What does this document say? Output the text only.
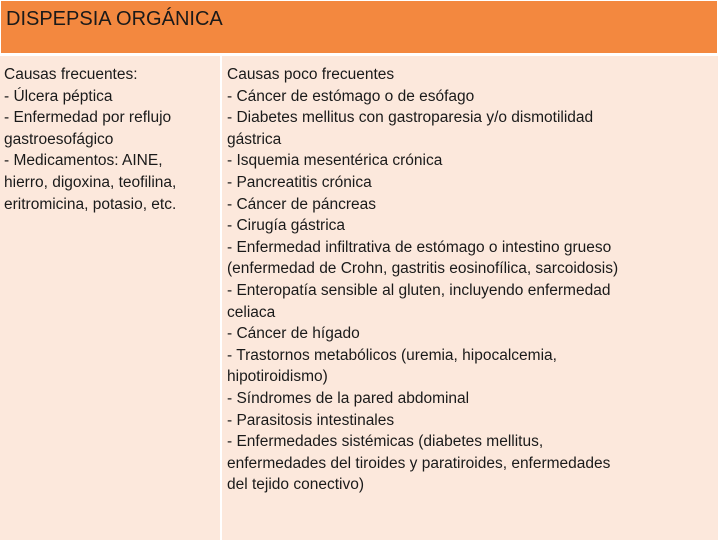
DISPEPSIA ORGÁNICA
Causas frecuentes:
- Úlcera péptica
- Enfermedad por reflujo
gastroesofágico
- Medicamentos: AINE,
hierro, digoxina, teofilina,
eritromicina, potasio, etc.
Causas poco frecuentes
- Cáncer de estómago o de esófago
- Diabetes mellitus con gastroparesia y/o dismotilidad
gástrica
- Isquemia mesentérica crónica
- Pancreatitis crónica
- Cáncer de páncreas
- Cirugía gástrica
- Enfermedad infiltrativa de estómago o intestino grueso
(enfermedad de Crohn, gastritis eosinofílica, sarcoidosis)
- Enteropatía sensible al gluten, incluyendo enfermedad
celiaca
- Cáncer de hígado
- Trastornos metabólicos (uremia, hipocalcemia,
hipotiroidismo)
- Síndromes de la pared abdominal
- Parasitosis intestinales
- Enfermedades sistémicas (diabetes mellitus,
enfermedades del tiroides y paratiroides, enfermedades
del tejido conectivo)
